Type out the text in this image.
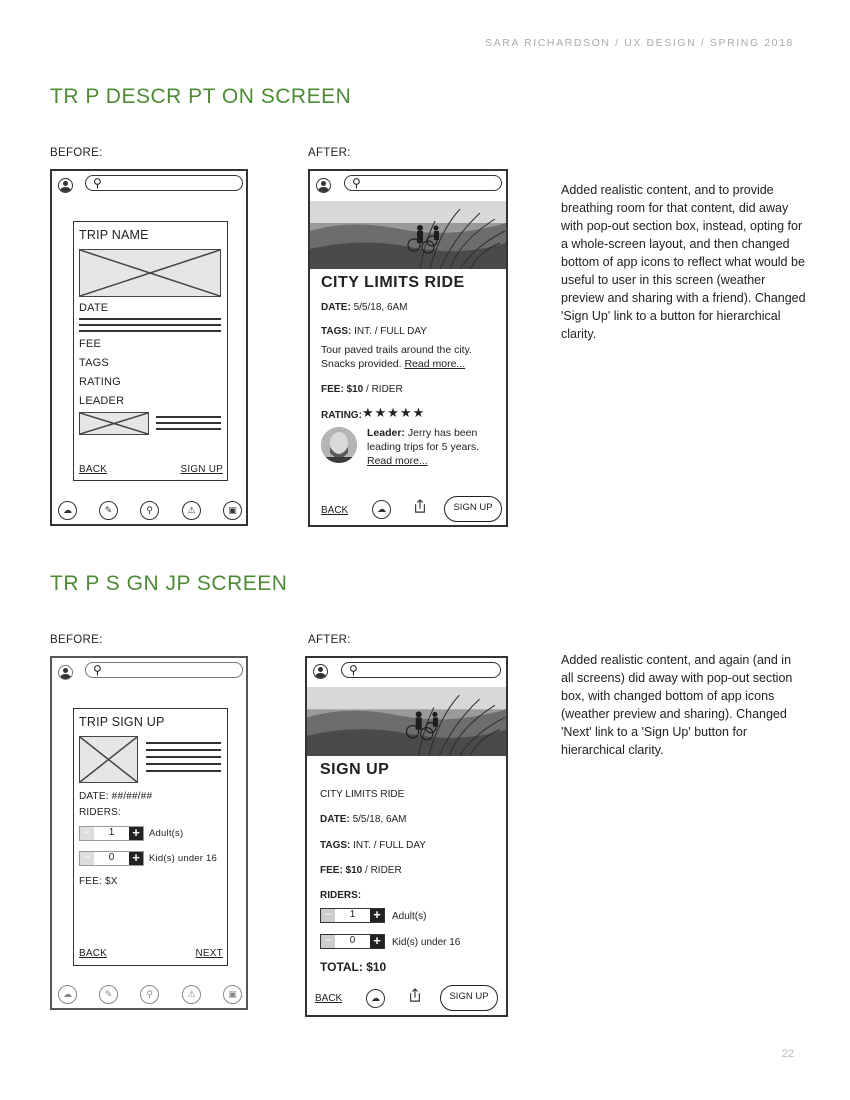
SARA RICHARDSON / UX DESIGN / SPRING 2018
TR P DESCR PT ON SCREEN
BEFORE:	AFTER:
Added realistic content, and to provide breathing room for that content, did away with pop-out section box, instead, opting for a whole-screen layout, and then changed bottom of app icons to reflect what would be useful to user in this screen (weather preview and sharing with a friend). Changed 'Sign Up' link to a button for hierarchical clarity.
⚲
TRIP NAME
DATE
FEE
TAGS
RATING
LEADER
BACK	SIGN UP
☁	✎	⚲	⚠	▣
⚲
CITY LIMITS RIDE
DATE: 5/5/18, 6AM
TAGS: INT. / FULL DAY
Tour paved trails around the city. Snacks provided. Read more...
FEE: $10 / RIDER
RATING: ★★★★★
Leader: Jerry has been leading trips for 5 years.
Read more...
BACK	☁	SIGN UP
TR P S GN JP SCREEN
BEFORE:	AFTER:
Added realistic content, and again (and in all screens) did away with pop-out section box, with changed bottom of app icons (weather preview and sharing). Changed 'Next' link to a 'Sign Up' button for hierarchical clarity.
⚲
TRIP SIGN UP
DATE: ##/##/##
RIDERS:
−	1	+ Adult(s)
−	0	+ Kid(s) under 16
FEE: $X
BACK	NEXT
☁	✎	⚲	⚠	▣
⚲
SIGN UP
CITY LIMITS RIDE
DATE: 5/5/18, 6AM
TAGS: INT. / FULL DAY
FEE: $10 / RIDER
RIDERS:
−	1	+	Adult(s)
−	0	+	Kid(s) under 16
TOTAL: $10
BACK	☁	SIGN UP
22
